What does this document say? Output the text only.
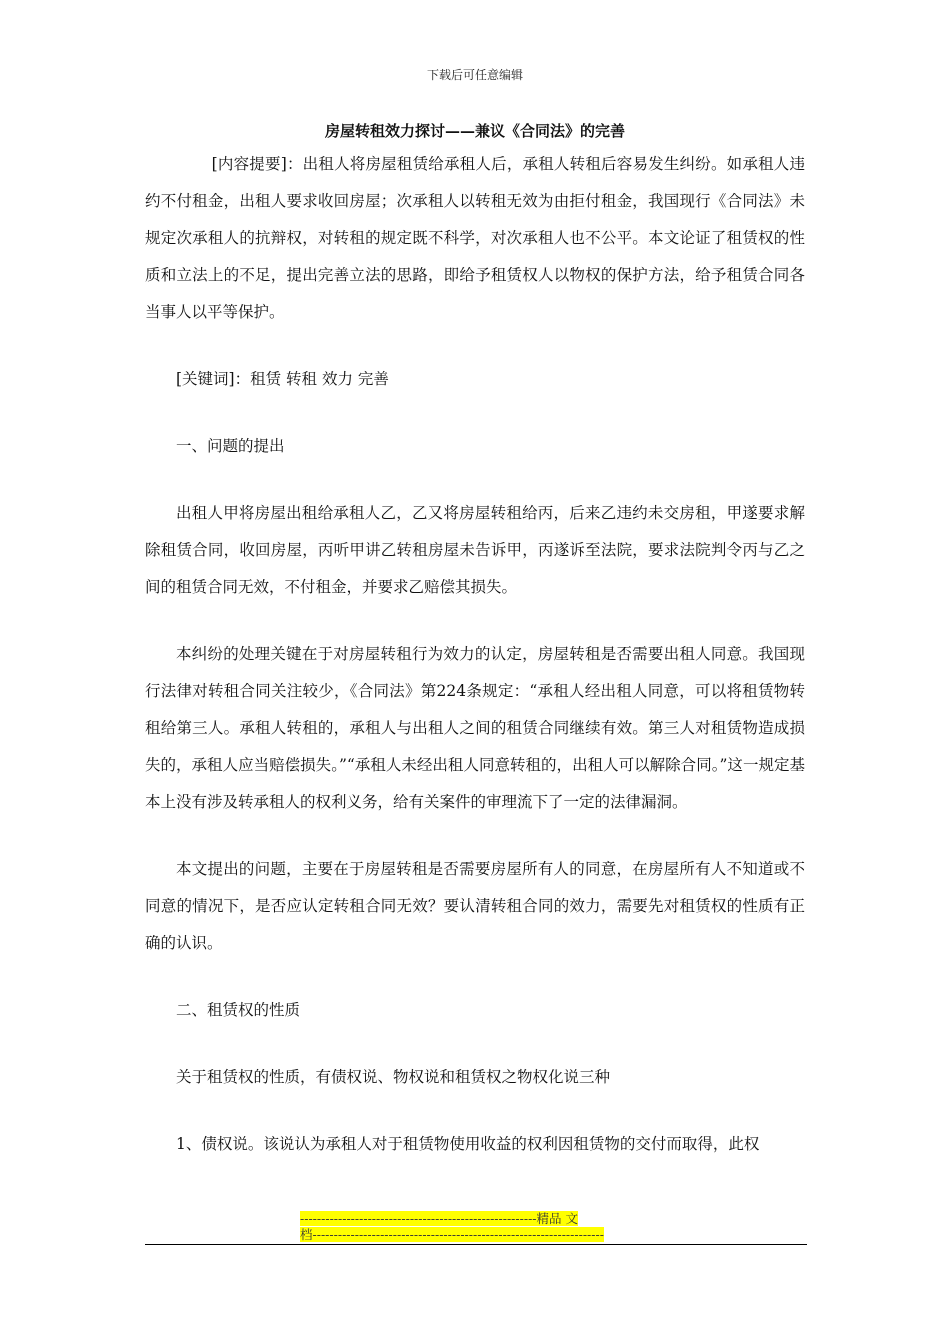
下载后可任意编辑
房屋转租效力探讨——兼议《合同法》的完善

[内容提要]：出租人将房屋租赁给承租人后，承租人转租后容易发生纠纷。如承租人违约不付租金，出租人要求收回房屋；次承租人以转租无效为由拒付租金，我国现行《合同法》未规定次承租人的抗辩权，对转租的规定既不科学，对次承租人也不公平。本文论证了租赁权的性质和立法上的不足，提出完善立法的思路，即给予租赁权人以物权的保护方法，给予租赁合同各当事人以平等保护。

[关键词]：租赁 转租 效力 完善

一、问题的提出

出租人甲将房屋出租给承租人乙，乙又将房屋转租给丙，后来乙违约未交房租，甲遂要求解除租赁合同，收回房屋，丙听甲讲乙转租房屋未告诉甲，丙遂诉至法院，要求法院判令丙与乙之间的租赁合同无效，不付租金，并要求乙赔偿其损失。

本纠纷的处理关键在于对房屋转租行为效力的认定，房屋转租是否需要出租人同意。我国现行法律对转租合同关注较少，《合同法》第224条规定：“承租人经出租人同意，可以将租赁物转租给第三人。承租人转租的，承租人与出租人之间的租赁合同继续有效。第三人对租赁物造成损失的，承租人应当赔偿损失。”“承租人未经出租人同意转租的，出租人可以解除合同。”这一规定基本上没有涉及转承租人的权利义务，给有关案件的审理流下了一定的法律漏洞。

本文提出的问题，主要在于房屋转租是否需要房屋所有人的同意，在房屋所有人不知道或不同意的情况下，是否应认定转租合同无效？要认清转租合同的效力，需要先对租赁权的性质有正确的认识。

二、租赁权的性质

关于租赁权的性质，有债权说、物权说和租赁权之物权化说三种

1、债权说。该说认为承租人对于租赁物使用收益的权利因租赁物的交付而取得，此权

--------------------------------------------------------精品 文
档---------------------------------------------------------------------
